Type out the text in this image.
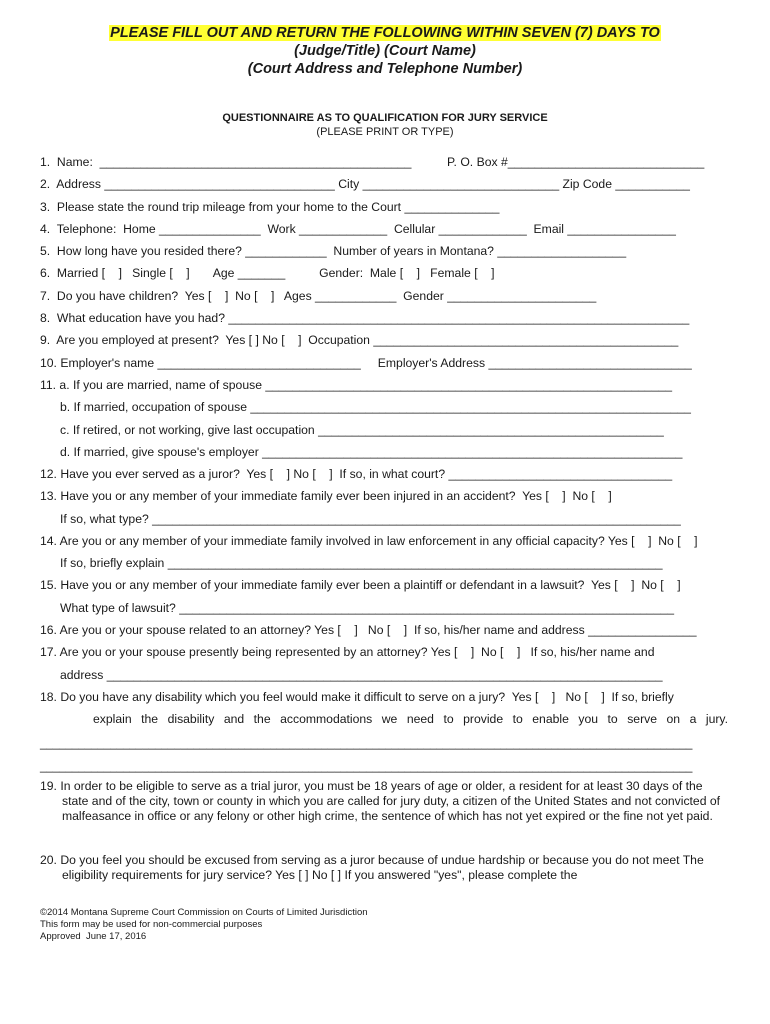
PLEASE FILL OUT AND RETURN THE FOLLOWING WITHIN SEVEN (7) DAYS TO
(Judge/Title) (Court Name)
(Court Address and Telephone Number)
QUESTIONNAIRE AS TO QUALIFICATION FOR JURY SERVICE
(PLEASE PRINT OR TYPE)
1.  Name:  ______________________________________________	P. O. Box #_____________________________
2.  Address __________________________________ City _____________________________ Zip Code ___________
3.  Please state the round trip mileage from your home to the Court ______________
4.  Telephone:  Home _______________  Work _____________  Cellular _____________  Email ________________
5.  How long have you resided there? ____________  Number of years in Montana? ___________________
6.  Married [    ]   Single [    ]       Age _______          Gender:  Male [    ]   Female [    ]
7.  Do you have children?  Yes [    ]  No [    ]   Ages ____________  Gender ______________________
8.  What education have you had? ____________________________________________________________________
9.  Are you employed at present?  Yes [ ] No [    ]  Occupation _____________________________________________
10. Employer's name ______________________________     Employer's Address ______________________________
11. a. If you are married, name of spouse ____________________________________________________________
b. If married, occupation of spouse _________________________________________________________________
c. If retired, or not working, give last occupation ___________________________________________________
d. If married, give spouse's employer ______________________________________________________________
12. Have you ever served as a juror?  Yes [    ] No [    ]  If so, in what court? _________________________________
13. Have you or any member of your immediate family ever been injured in an accident?  Yes [    ]  No [    ]
If so, what type? ______________________________________________________________________________
14. Are you or any member of your immediate family involved in law enforcement in any official capacity? Yes [    ]  No [    ]
If so, briefly explain _________________________________________________________________________
15. Have you or any member of your immediate family ever been a plaintiff or defendant in a lawsuit?  Yes [    ]  No [    ]
What type of lawsuit? _________________________________________________________________________
16. Are you or your spouse related to an attorney? Yes [    ]   No [    ]  If so, his/her name and address ________________
17. Are you or your spouse presently being represented by an attorney? Yes [    ]  No [    ]   If so, his/her name and
address __________________________________________________________________________________
18. Do you have any disability which you feel would make it difficult to serve on a jury?  Yes [    ]   No [    ]  If so, briefly
explain the disability and the accommodations we need to provide to enable you to serve on a jury.
______________________________________________________________________________________________________
______________________________________________________________________________________________________
19. In order to be eligible to serve as a trial juror, you must be 18 years of age or older, a resident for at least 30 days of the state and of the city, town or county in which you are called for jury duty, a citizen of the United States and not convicted of malfeasance in office or any felony or other high crime, the sentence of which has not yet expired or the fine not yet paid.
20. Do you feel you should be excused from serving as a juror because of undue hardship or because you do not meet The eligibility requirements for jury service? Yes [ ] No [ ] If you answered "yes", please complete the
©2014 Montana Supreme Court Commission on Courts of Limited Jurisdiction
This form may be used for non-commercial purposes
Approved  June 17, 2016
